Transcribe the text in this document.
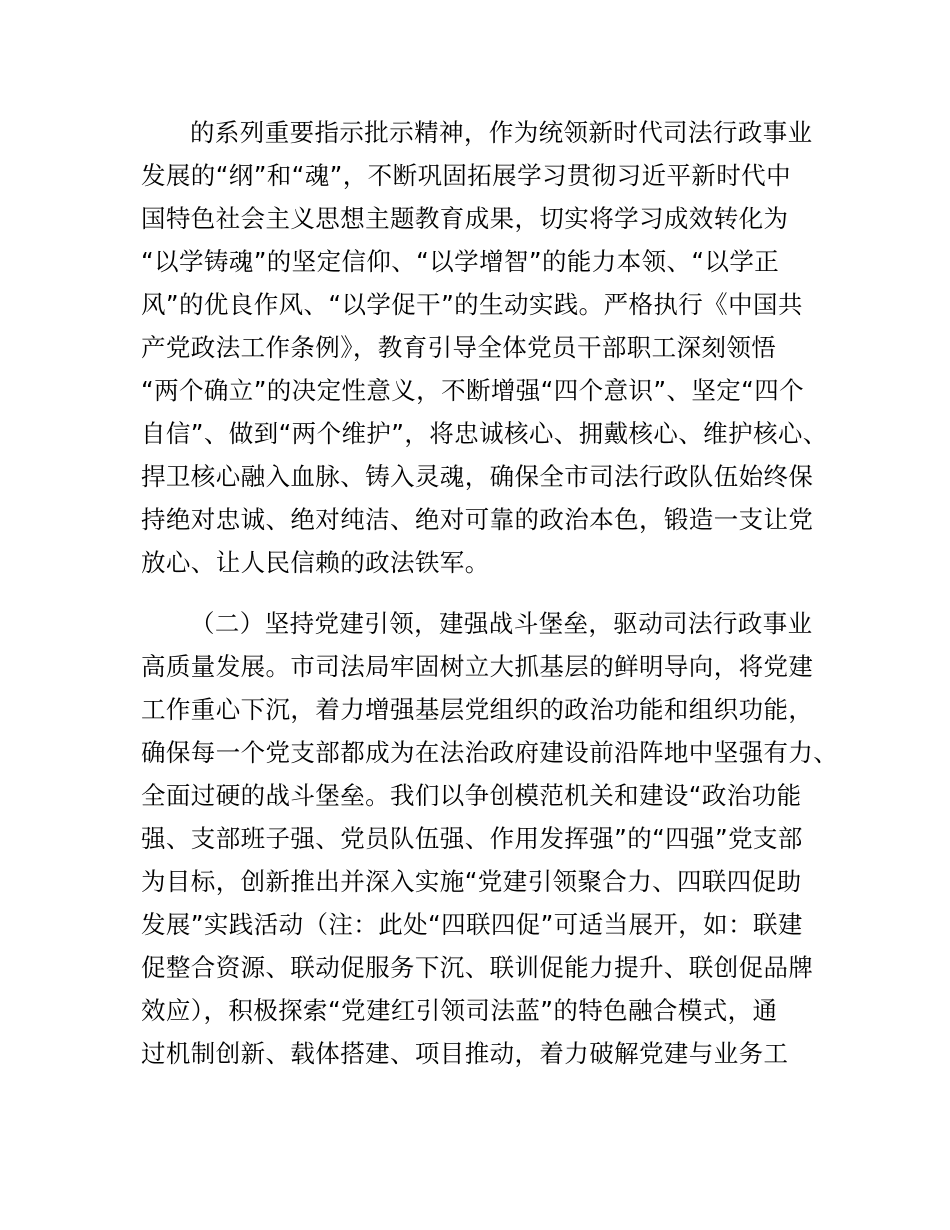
的系列重要指示批示精神，作为统领新时代司法行政事业
发展的“纲”和“魂”，不断巩固拓展学习贯彻习近平新时代中
国特色社会主义思想主题教育成果，切实将学习成效转化为
“以学铸魂”的坚定信仰、“以学增智”的能力本领、“以学正
风”的优良作风、“以学促干”的生动实践。严格执行《中国共
产党政法工作条例》，教育引导全体党员干部职工深刻领悟
“两个确立”的决定性意义，不断增强“四个意识”、坚定“四个
自信”、做到“两个维护”，将忠诚核心、拥戴核心、维护核心、
捍卫核心融入血脉、铸入灵魂，确保全市司法行政队伍始终保
持绝对忠诚、绝对纯洁、绝对可靠的政治本色，锻造一支让党
放心、让人民信赖的政法铁军。
（二）坚持党建引领，建强战斗堡垒，驱动司法行政事业
高质量发展。市司法局牢固树立大抓基层的鲜明导向，将党建
工作重心下沉，着力增强基层党组织的政治功能和组织功能，
确保每一个党支部都成为在法治政府建设前沿阵地中坚强有力、
全面过硬的战斗堡垒。我们以争创模范机关和建设“政治功能
强、支部班子强、党员队伍强、作用发挥强”的“四强”党支部
为目标，创新推出并深入实施“党建引领聚合力、四联四促助
发展”实践活动（注：此处“四联四促”可适当展开，如：联建
促整合资源、联动促服务下沉、联训促能力提升、联创促品牌
效应），积极探索“党建红引领司法蓝”的特色融合模式，通
过机制创新、载体搭建、项目推动，着力破解党建与业务工
